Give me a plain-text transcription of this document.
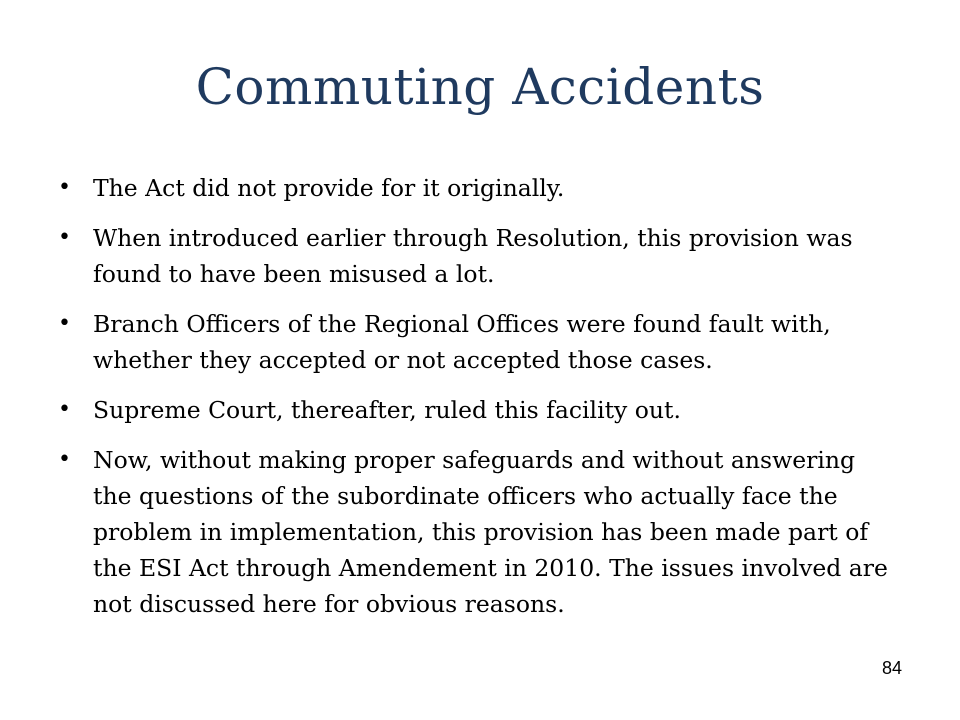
Commuting Accidents
• The Act did not provide for it originally.
• When introduced earlier through Resolution, this provision was found to have been misused a lot.
• Branch Officers of the Regional Offices were found fault with, whether they accepted or not accepted those cases.
• Supreme Court, thereafter, ruled this facility out.
• Now, without making proper safeguards and without answering the questions of the subordinate officers who actually face the problem in implementation, this provision has been made part of the ESI Act through Amendement in 2010. The issues involved are not discussed here for obvious reasons.
84
